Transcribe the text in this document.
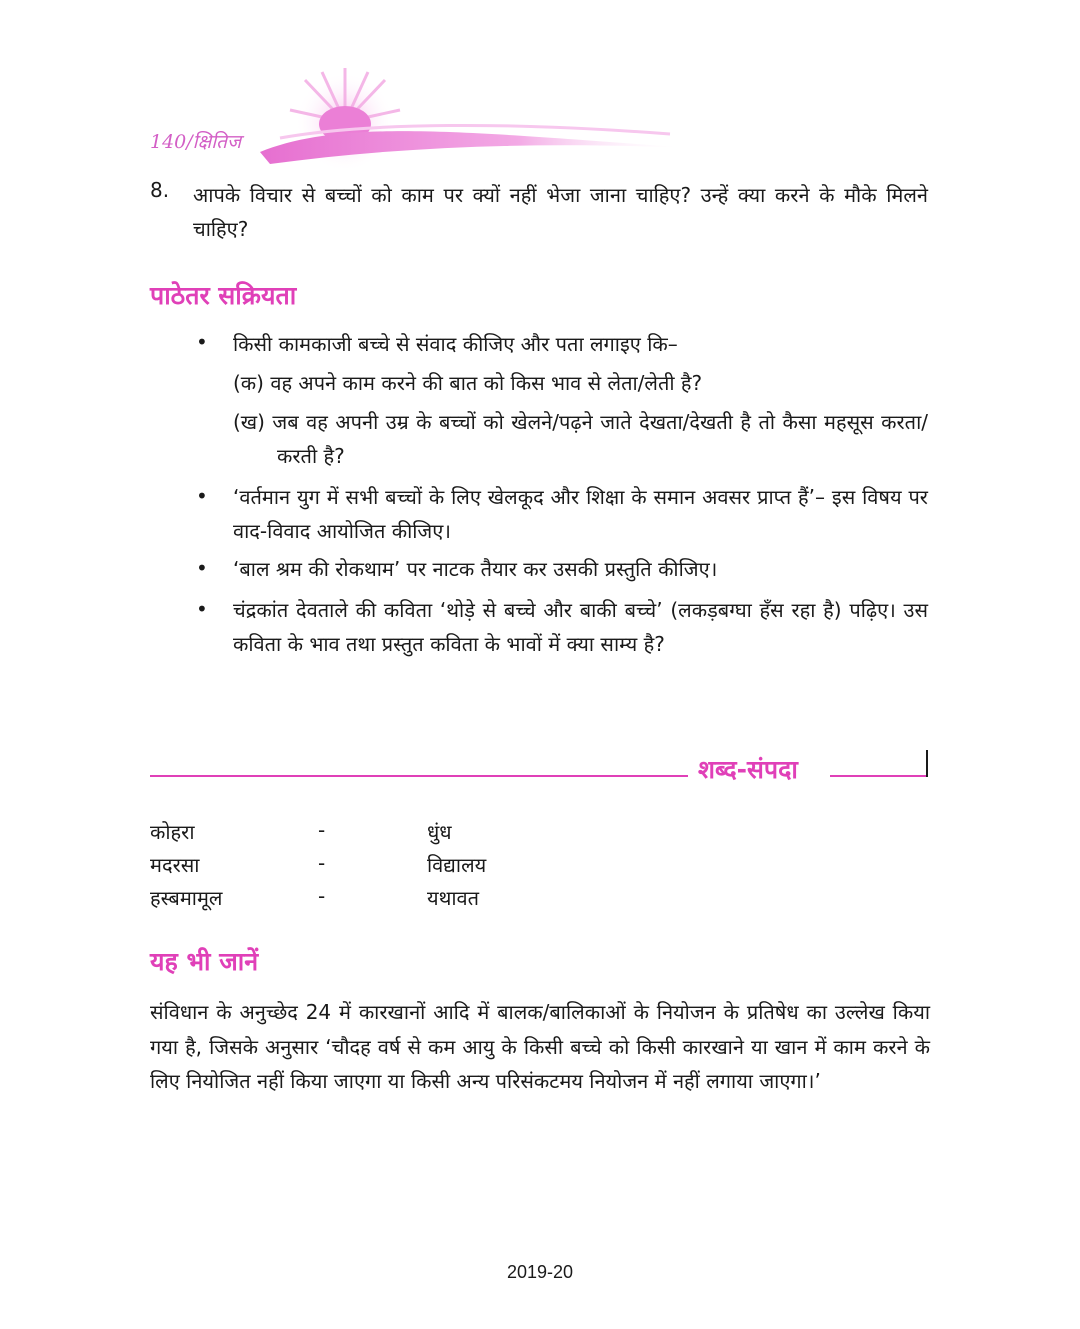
140/क्षितिज
8. आपके विचार से बच्चों को काम पर क्यों नहीं भेजा जाना चाहिए? उन्हें क्या करने के मौके मिलने चाहिए?
पाठेतर सक्रियता
• किसी कामकाजी बच्चे से संवाद कीजिए और पता लगाइए कि–
(क) वह अपने काम करने की बात को किस भाव से लेता/लेती है?
(ख) जब वह अपनी उम्र के बच्चों को खेलने/पढ़ने जाते देखता/देखती है तो कैसा महसूस करता/करती है?
• ‘वर्तमान युग में सभी बच्चों के लिए खेलकूद और शिक्षा के समान अवसर प्राप्त हैं’– इस विषय पर वाद-विवाद आयोजित कीजिए।
• ‘बाल श्रम की रोकथाम’ पर नाटक तैयार कर उसकी प्रस्तुति कीजिए।
• चंद्रकांत देवताले की कविता ‘थोड़े से बच्चे और बाकी बच्चे’ (लकड़बग्घा हँस रहा है) पढ़िए। उस कविता के भाव तथा प्रस्तुत कविता के भावों में क्या साम्य है?
शब्द-संपदा
कोहरा	-	धुंध
मदरसा	-	विद्यालय
हस्बमामूल	-	यथावत
यह भी जानें
संविधान के अनुच्छेद 24 में कारखानों आदि में बालक/बालिकाओं के नियोजन के प्रतिषेध का उल्लेख किया गया है, जिसके अनुसार ‘चौदह वर्ष से कम आयु के किसी बच्चे को किसी कारखाने या खान में काम करने के लिए नियोजित नहीं किया जाएगा या किसी अन्य परिसंकटमय नियोजन में नहीं लगाया जाएगा।’
2019-20
